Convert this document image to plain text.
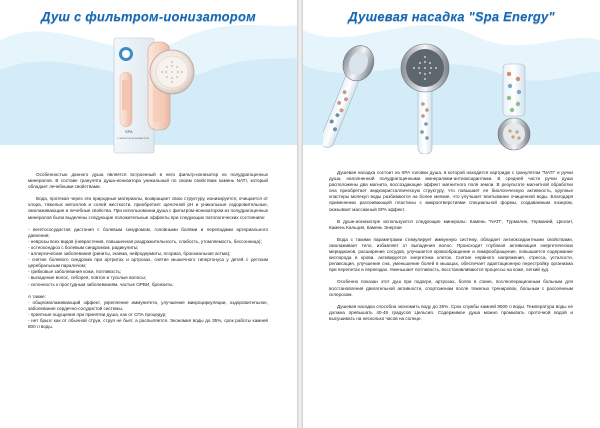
Душ с фильтром-ионизатором
SPA
С ФИЛЬТРОМ-ИОНИЗАТОРОМ

Особенностью данного душа является встроенный в него фильтр-ионизатор из полудрагоценных минералов. В составе гранулята душа-ионизатора уникальный по своим свойствам камень NATI, который обладает лечебными свойствами.

Вода, протекая через эти природные материалы, возвращает свою структуру, ионизируется, очищается от хлора, тяжелых металлов и солей жесткости, приобретает щелочной pH и уникальные оздоровительные, омолаживающие и лечебные свойства. При использовании душа с фильтром-ионизатором из полудрагоценных минералов были выделены следующие положительные эффекты при следующих патологических состояниях:

- вегетососудистая дистония с болевым синдромом, головными болями и перепадами артериального давления;
- неврозы всех видов (неврастения, повышенная раздражительность, слабость, утомляемость, бессонница);
- остеохондроз с болевым синдромом, радикулиты;
- аллергические заболевания (риниты, экзема, нейродермиты, псориаз, бронхиальная астма);
- снятие болевого синдрома при артритах и артрозах, снятие мышечного гипертонуса у детей с детским церебральным параличом;
- грибковые заболевания кожи, потливость;
- выпадение волос, себорея, повтон и тусклые волосы;
- склонность к простудным заболеваниям, частые ОРВИ, бронхиты.
А также:
- общеомолаживающий эффект, укрепление иммунитета, улучшение микроциркуляции, оздоровительное, заболевания сердечно-сосудистой системы,
- приятные ощущения при принятии душа, как от СПА процедур;
- нет брызг как от обычной струи, струя не бьет, а распыляется. Экономия воды до 35%, срок работы камней 800 л воды.
Душевая насадка "Spa Energy"

Душевая насадка состоит из SPA головки душа, в которой находится картридж с гранулятом "NATI" и ручки душа, наполненной полудрагоценными минералами-антиоксидантами. В средней части ручки душа расположены два магнита, воссоздающие эффект магнитного поля земли. В результате магнитной обработки она приобретает жидкокристаллическую структуру, что повышает ее биологическую активность, крупные кластеры молекул воды разбиваются на более мелкие, что улучшает впитывание очищенной воды. Благодаря применению рассеивающей пластины с микроотверстиями специальной формы, создаваемым лазером, оказывает массажный SPA эффект.

В душе-ионизаторе используются следующие минералы: Камень "NATI", Турмалин, Германий, Цеолит, Камень Кальция, Камень Энергии

Вода с такими параметрами стимулирует иммунную систему, обладает антиоксидантными свойствами, омолаживает тело, избавляет от выпадения волос. Происходит глубокая активизация энергетических меридианов, расширение сосудов, улучшается кровообращение и лимфообращение, повышается содержание кислорода в крови, активируется энергетика клеток. Снятие нервного напряжения, стресса, усталости, релаксация, улучшение сна, уменьшение болей в мышцах, обеспечает адаптационную перестройку организма при перелетах и переездах. Уменьшает потливость, восстанавливаются процессы на коже, легкий зуд.

Особенно показан этот душ при подагре, артрозах, болях в спине, послеоперационным больным для восстановления двигательной активности, спортсменам после тяжелых тренировок, больным с рассеянным склерозом.

Душевая насадка способна экономить воду до 35%. Срок службы камней 8000 л воды. Температура воды не должна превышать 40-45 градусов Цельсия. Содержимое душа можно промывать проточной водой и высушивать на несколько часов на солнце.
